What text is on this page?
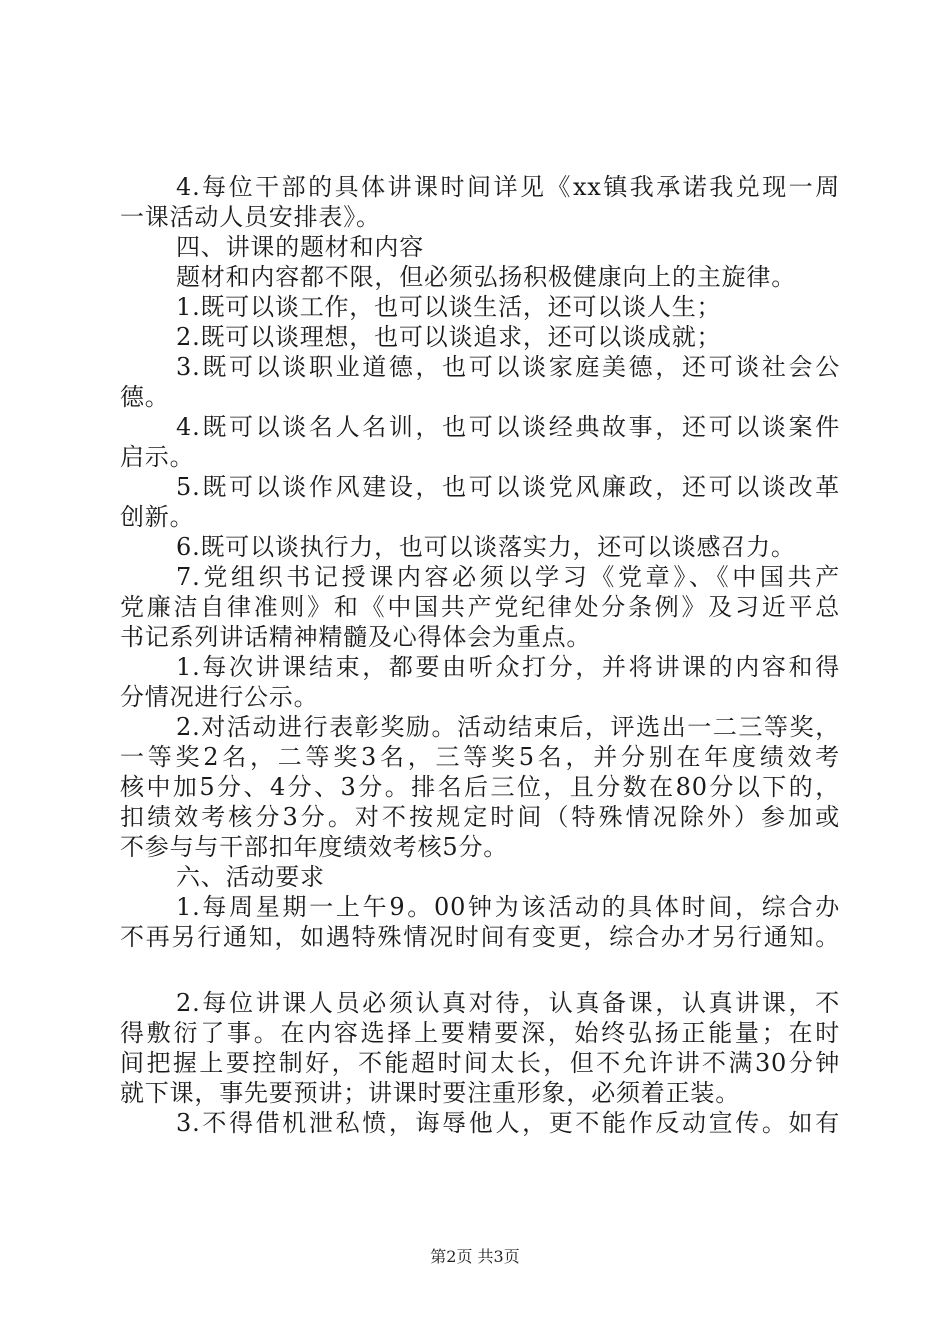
4.每位干部的具体讲课时间详见《xx镇我承诺我兑现一周
一课活动人员安排表》。
四、讲课的题材和内容
题材和内容都不限，但必须弘扬积极健康向上的主旋律。
1.既可以谈工作，也可以谈生活，还可以谈人生；
2.既可以谈理想，也可以谈追求，还可以谈成就；
3.既可以谈职业道德，也可以谈家庭美德，还可谈社会公
德。
4.既可以谈名人名训，也可以谈经典故事，还可以谈案件
启示。
5.既可以谈作风建设，也可以谈党风廉政，还可以谈改革
创新。
6.既可以谈执行力，也可以谈落实力，还可以谈感召力。
7.党组织书记授课内容必须以学习《党章》、《中国共产
党廉洁自律准则》和《中国共产党纪律处分条例》及习近平总
书记系列讲话精神精髓及心得体会为重点。
1.每次讲课结束，都要由听众打分，并将讲课的内容和得
分情况进行公示。
2.对活动进行表彰奖励。活动结束后，评选出一二三等奖，
一等奖2名，二等奖3名，三等奖5名，并分别在年度绩效考
核中加5分、4分、3分。排名后三位，且分数在80分以下的，
扣绩效考核分3分。对不按规定时间（特殊情况除外）参加或
不参与与干部扣年度绩效考核5分。
六、活动要求
1.每周星期一上午9。00钟为该活动的具体时间，综合办
不再另行通知，如遇特殊情况时间有变更，综合办才另行通知。
2.每位讲课人员必须认真对待，认真备课，认真讲课，不
得敷衍了事。在内容选择上要精要深，始终弘扬正能量；在时
间把握上要控制好，不能超时间太长，但不允许讲不满30分钟
就下课，事先要预讲；讲课时要注重形象，必须着正装。
3.不得借机泄私愤，诲辱他人，更不能作反动宣传。如有
第2页 共3页
